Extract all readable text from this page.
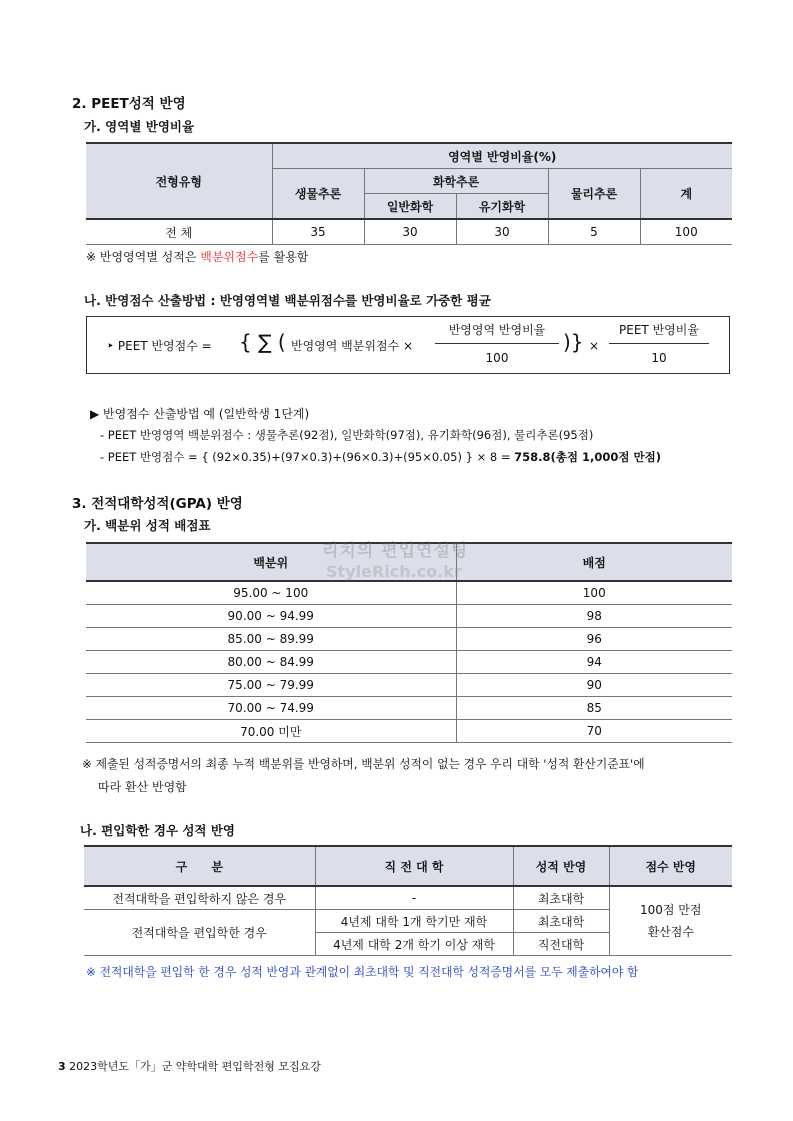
2. PEET성적 반영
가. 영역별 반영비율
전형유형	영역별 반영비율(%)				
	생물추론	화학추론		물리추론	계
		일반화학	유기화학		
전 체	35	30	30	5	100
※ 반영영역별 성적은 백분위점수를 활용함
나. 반영점수 산출방법 : 반영영역별 백분위점수를 반영비율로 가중한 평균
‣ PEET 반영점수 = { ∑ ( 반영영역 백분위점수 ×
반영영역 반영비율
100
)} ×
PEET 반영비율
10
▶ 반영점수 산출방법 예 (일반학생 1단계)
- PEET 반영영역 백분위점수 : 생물추론(92점), 일반화학(97점), 유기화학(96점), 물리추론(95점)
- PEET 반영점수 = { (92×0.35)+(97×0.3)+(96×0.3)+(95×0.05) } × 8 = 758.8(총점 1,000점 만점)
3. 전적대학성적(GPA) 반영
가. 백분위 성적 배점표
백분위	배점
95.00 ~ 100	100
90.00 ~ 94.99	98
85.00 ~ 89.99	96
80.00 ~ 84.99	94
75.00 ~ 79.99	90
70.00 ~ 74.99	85
70.00 미만	70
리치의 편입연설팅
StyleRich.co.kr
※ 제출된 성적증명서의 최종 누적 백분위를 반영하며, 백분위 성적이 없는 경우 우리 대학 '성적 환산기준표'에
따라 환산 반영함
나. 편입학한 경우 성적 반영
구 분	직 전 대 학	성적 반영	점수 반영
전적대학을 편입학하지 않은 경우	-	최초대학	100점 만점
환산점수

전적대학을 편입학한 경우	4년제 대학 1개 학기만 재학	최초대학	
	4년제 대학 2개 학기 이상 재학	직전대학	
※ 전적대학을 편입학 한 경우 성적 반영과 관계없이 최초대학 및 직전대학 성적증명서를 모두 제출하여야 함
3 2023학년도「가」군 약학대학 편입학전형 모집요강
